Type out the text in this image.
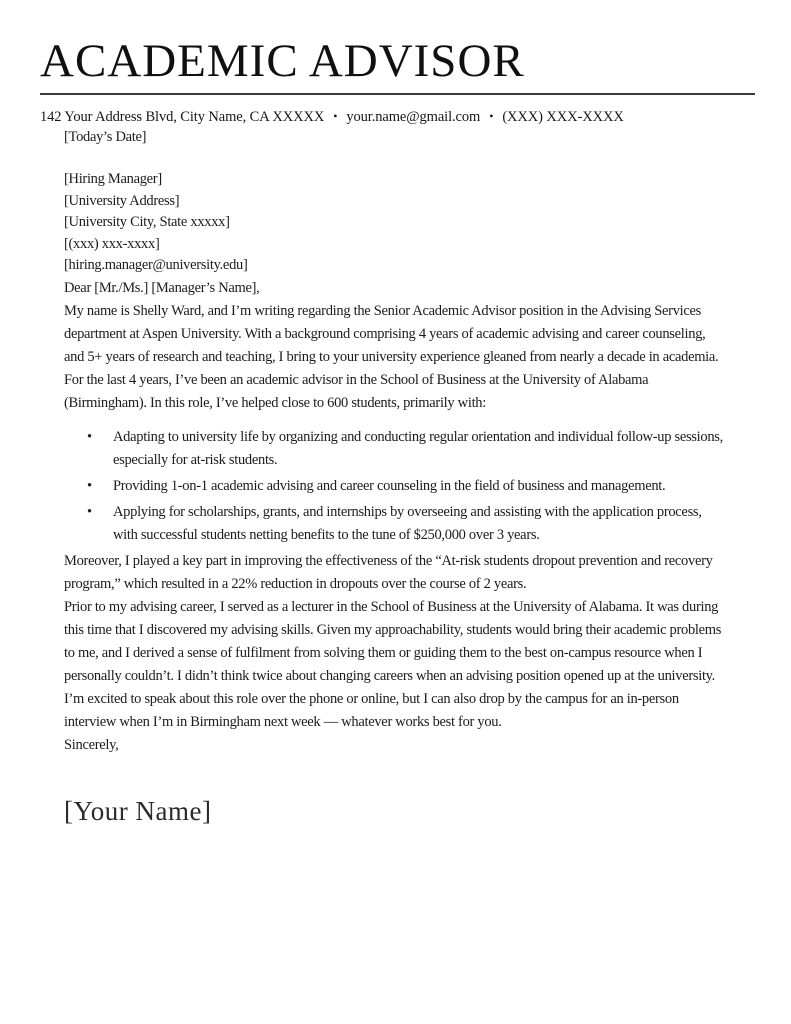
ACADEMIC ADVISOR
142 Your Address Blvd, City Name, CA XXXXX • your.name@gmail.com • (XXX) XXX-XXXX

[Today’s Date]

[Hiring Manager]
[University Address]
[University City, State xxxxx]
[(xxx) xxx-xxxx]
[hiring.manager@university.edu]

Dear [Mr./Ms.] [Manager’s Name],

My name is Shelly Ward, and I’m writing regarding the Senior Academic Advisor position in the Advising Services department at Aspen University. With a background comprising 4 years of academic advising and career counseling, and 5+ years of research and teaching, I bring to your university experience gleaned from nearly a decade in academia.

For the last 4 years, I’ve been an academic advisor in the School of Business at the University of Alabama (Birmingham). In this role, I’ve helped close to 600 students, primarily with:

• Adapting to university life by organizing and conducting regular orientation and individual follow-up sessions, especially for at-risk students.
• Providing 1-on-1 academic advising and career counseling in the field of business and management.
• Applying for scholarships, grants, and internships by overseeing and assisting with the application process, with successful students netting benefits to the tune of $250,000 over 3 years.

Moreover, I played a key part in improving the effectiveness of the “At-risk students dropout prevention and recovery program,” which resulted in a 22% reduction in dropouts over the course of 2 years.

Prior to my advising career, I served as a lecturer in the School of Business at the University of Alabama. It was during this time that I discovered my advising skills. Given my approachability, students would bring their academic problems to me, and I derived a sense of fulfilment from solving them or guiding them to the best on-campus resource when I personally couldn’t. I didn’t think twice about changing careers when an advising position opened up at the university.

I’m excited to speak about this role over the phone or online, but I can also drop by the campus for an in-person interview when I’m in Birmingham next week — whatever works best for you.

Sincerely,

[Your Name]
